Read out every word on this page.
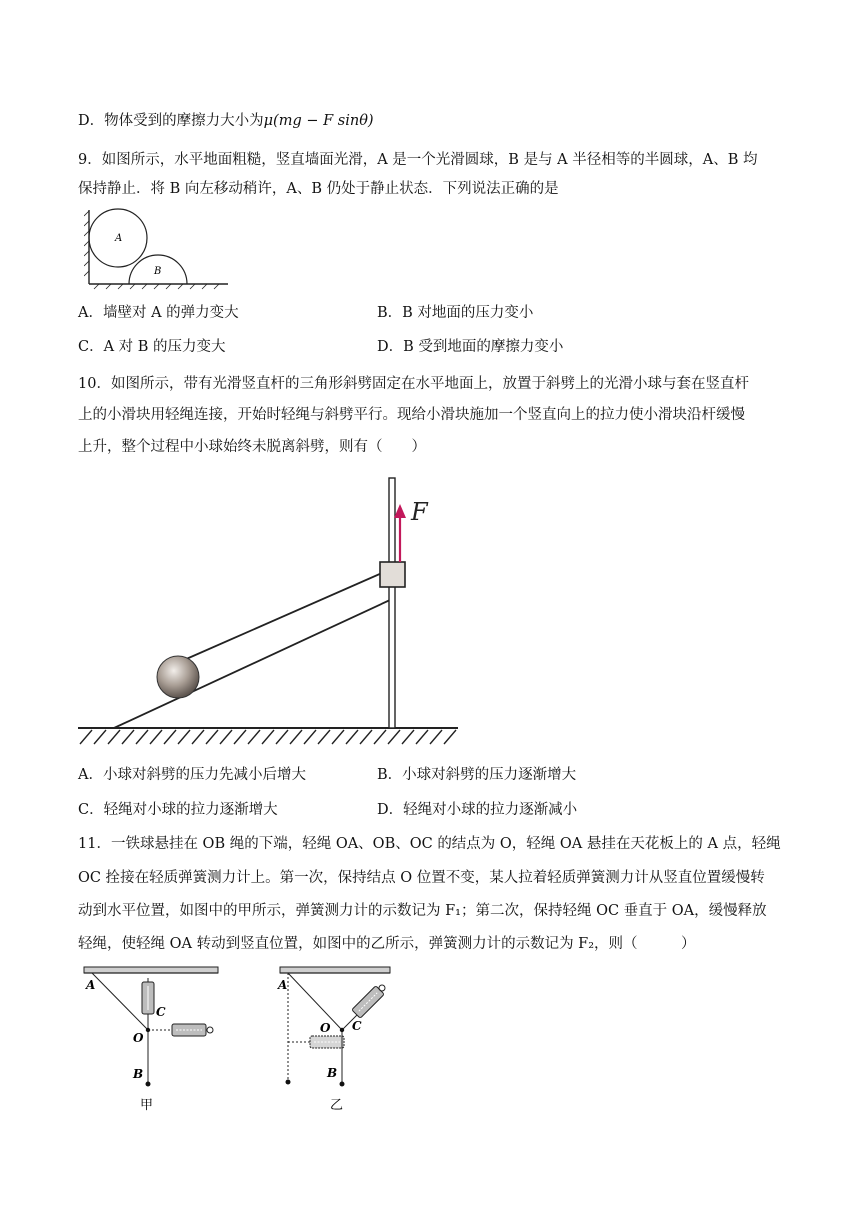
D．物体受到的摩擦力大小为μ(mg − F sinθ)
9．如图所示，水平地面粗糙，竖直墙面光滑，A 是一个光滑圆球，B 是与 A 半径相等的半圆球，A、B 均
保持静止．将 B 向左移动稍许，A、B 仍处于静止状态．下列说法正确的是
A
B
A．墙壁对 A 的弹力变大	B．B 对地面的压力变小
C．A 对 B 的压力变大	D．B 受到地面的摩擦力变小
10．如图所示，带有光滑竖直杆的三角形斜劈固定在水平地面上，放置于斜劈上的光滑小球与套在竖直杆
上的小滑块用轻绳连接，开始时轻绳与斜劈平行。现给小滑块施加一个竖直向上的拉力使小滑块沿杆缓慢
上升，整个过程中小球始终未脱离斜劈，则有（　　）
F
A．小球对斜劈的压力先减小后增大	B．小球对斜劈的压力逐渐增大
C．轻绳对小球的拉力逐渐增大	D．轻绳对小球的拉力逐渐减小
11．一铁球悬挂在 OB 绳的下端，轻绳 OA、OB、OC 的结点为 O，轻绳 OA 悬挂在天花板上的 A 点，轻绳
OC 拴接在轻质弹簧测力计上。第一次，保持结点 O 位置不变，某人拉着轻质弹簧测力计从竖直位置缓慢转
动到水平位置，如图中的甲所示，弹簧测力计的示数记为 F₁；第二次，保持轻绳 OC 垂直于 OA，缓慢释放
轻绳，使轻绳 OA 转动到竖直位置，如图中的乙所示，弹簧测力计的示数记为 F₂，则（　　　）
A
C
O
B
甲
A
C
O
B
乙
